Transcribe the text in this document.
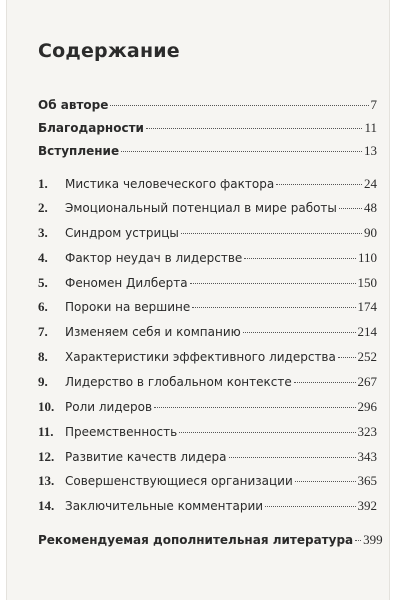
Содержание
Об авторе	7
Благодарности	11
Вступление	13
1.	Мистика человеческого фактора	24
2.	Эмоциональный потенциал в мире работы 48
3.	Синдром устрицы	90
4.	Фактор неудач в лидерстве	110
5.	Феномен Дилберта	150
6.	Пороки на вершине	174
7.	Изменяем себя и компанию	214
8.	Характеристики эффективного лидерства 252
9.	Лидерство в глобальном контексте	267
10. Роли лидеров	296
11. Преемственность	323
12. Развитие качеств лидера	343
13. Совершенствующиеся организации	365
14. Заключительные комментарии	392
Рекомендуемая дополнительная литература 399
